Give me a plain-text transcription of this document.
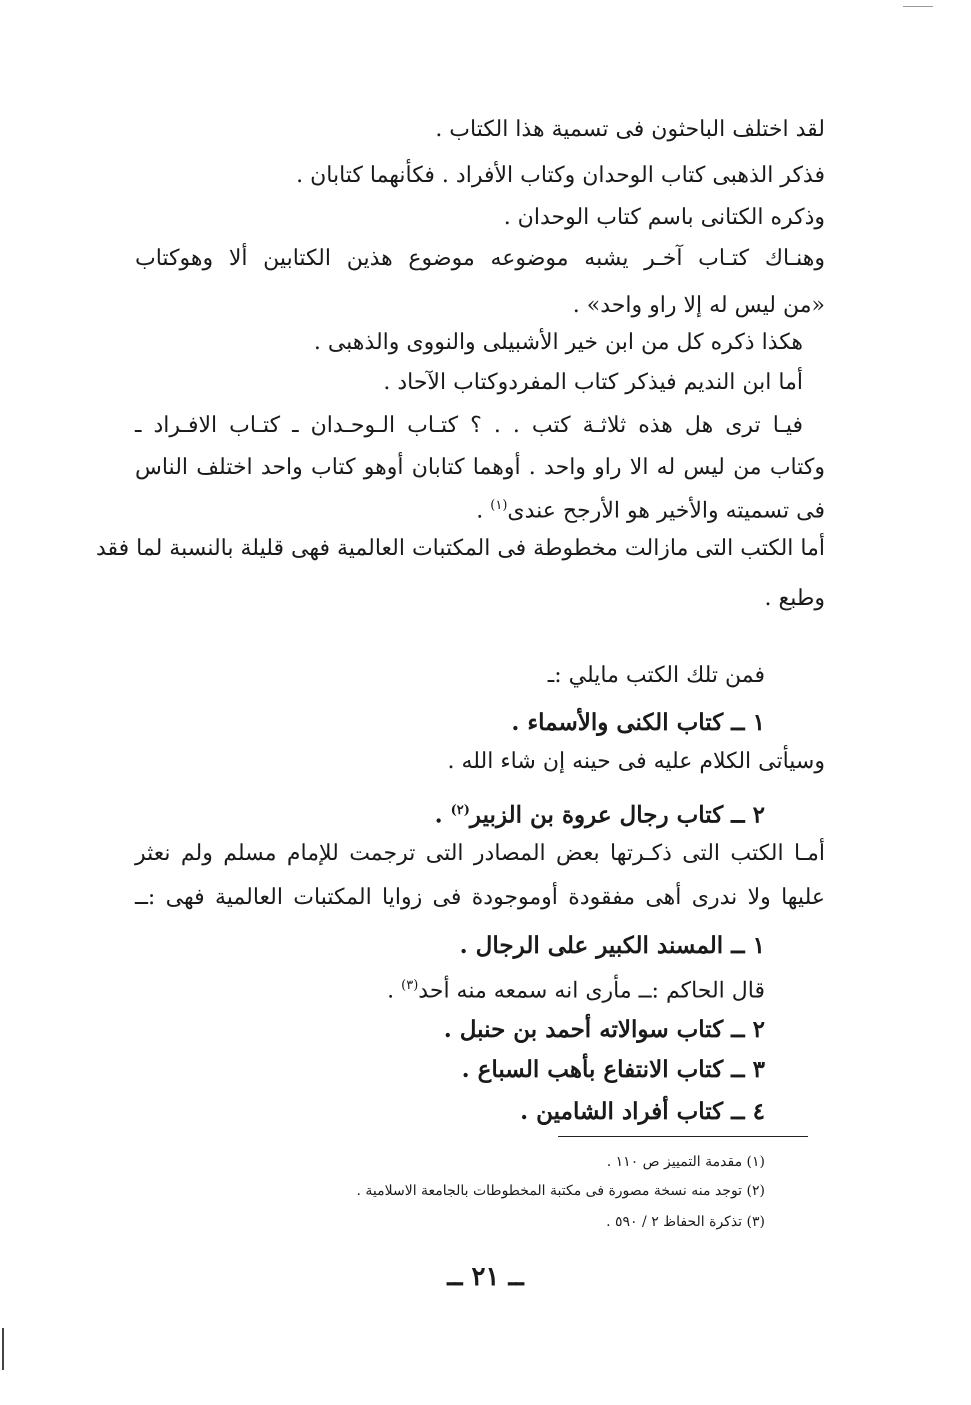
لقد اختلف الباحثون فى تسمية هذا الكتاب .
فذكر الذهبى كتاب الوحدان وكتاب الأفراد . فكأنهما كتابان .
وذكره الكتانى باسم كتاب الوحدان .
وهنـاك كتـاب آخـر يشبه موضوعه موضوع هذين الكتابين ألا وهوكتاب
«من ليس له إلا راو واحد» .
هكذا ذكره كل من ابن خير الأشبيلى والنووى والذهبى .
أما ابن النديم فيذكر كتاب المفردوكتاب الآحاد .
فيـا ترى هل هذه ثلاثـة كتب . . ؟ كتـاب الـوحـدان ـ كتـاب الافـراد ـ
وكتاب من ليس له الا راو واحد . أوهما كتابان أوهو كتاب واحد اختلف الناس
فى تسميته والأخير هو الأرجح عندى$^{(١)}$ .
أما الكتب التى مازالت مخطوطة فى المكتبات العالمية فهى قليلة بالنسبة لما فقد
وطبع .
فمن تلك الكتب مايلي :ـ
١ ــ كتاب الكنى والأسماء .
وسيأتى الكلام عليه فى حينه إن شاء الله .
٢ ــ كتاب رجال عروة بن الزبير$^{(٢)}$ .
أمـا الكتب التى ذكـرتها بعض المصادر التى ترجمت للإمام مسلم ولم نعثر
عليها ولا ندرى أهى مفقودة أوموجودة فى زوايا المكتبات العالمية فهى :ــ
١ ــ المسند الكبير على الرجال .
قال الحاكم :ــ مأرى انه سمعه منه أحد$^{(٣)}$ .
٢ ــ كتاب سوالاته أحمد بن حنبل .
٣ ــ كتاب الانتفاع بأهب السباع .
٤ ــ كتاب أفراد الشامين .
(١) مقدمة التمييز ص ١١٠ .
(٢) توجد منه نسخة مصورة فى مكتبة المخطوطات بالجامعة الاسلامية .
(٣) تذكرة الحفاظ ٢ / ٥٩٠ .
ــ ٢١ ــ
